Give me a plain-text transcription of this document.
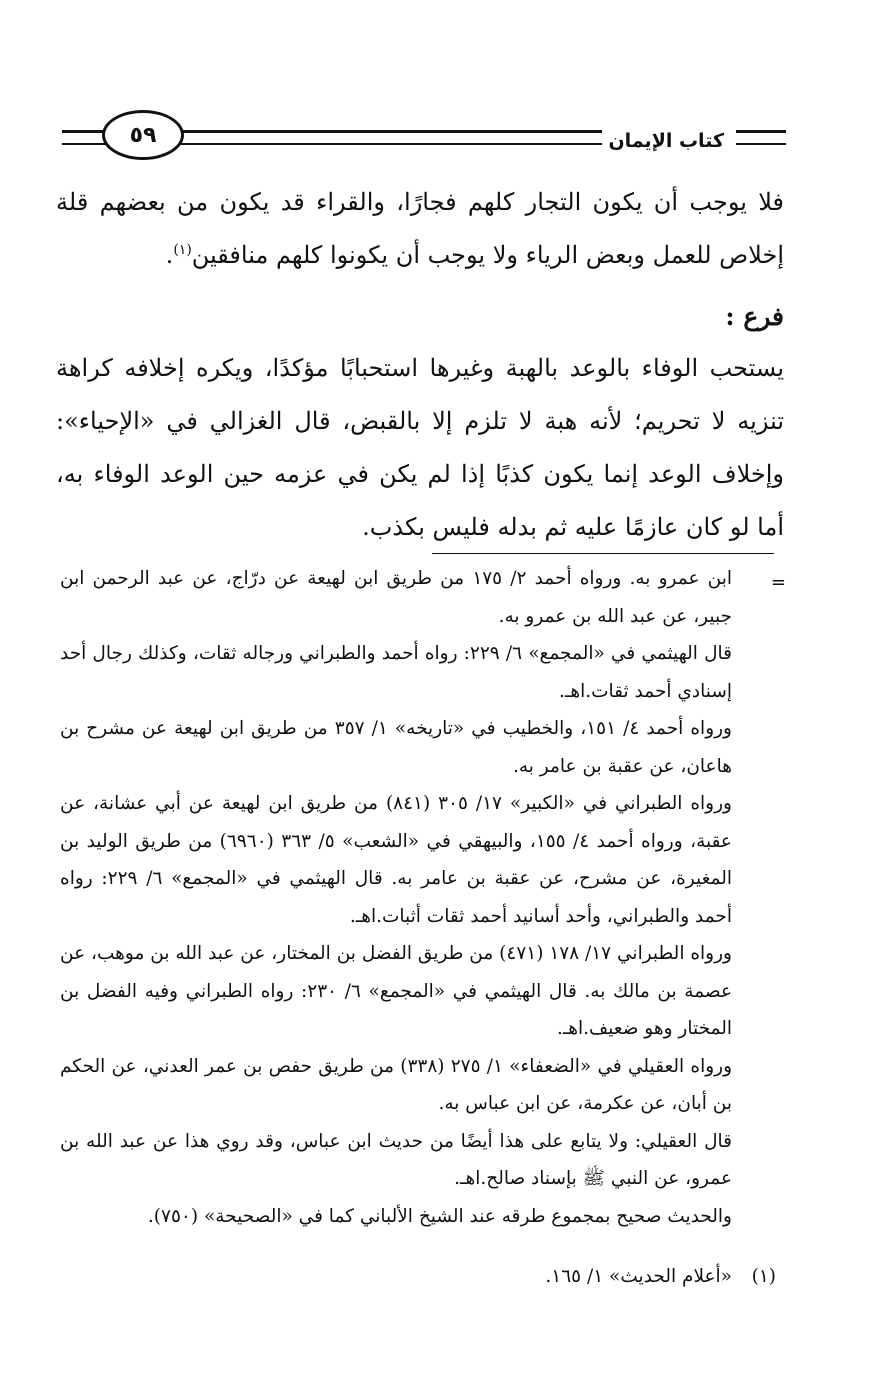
٥٩	كتاب الإيمان

فلا يوجب أن يكون التجار كلهم فجارًا، والقراء قد يكون من بعضهم قلة إخلاص للعمل وبعض الرياء ولا يوجب أن يكونوا كلهم منافقين$^{(١)}$.

فرع :

يستحب الوفاء بالوعد بالهبة وغيرها استحبابًا مؤكدًا، ويكره إخلافه كراهة تنزيه لا تحريم؛ لأنه هبة لا تلزم إلا بالقبض، قال الغزالي في «الإحياء»: وإخلاف الوعد إنما يكون كذبًا إذا لم يكن في عزمه حين الوعد الوفاء به، أما لو كان عازمًا عليه ثم بدله فليس بكذب.

=

ابن عمرو به. ورواه أحمد ٢/ ١٧٥ من طريق ابن لهيعة عن درّاج، عن عبد الرحمن ابن جبير، عن عبد الله بن عمرو به.

قال الهيثمي في «المجمع» ٦/ ٢٢٩: رواه أحمد والطبراني ورجاله ثقات، وكذلك رجال أحد إسنادي أحمد ثقات.اهـ.

ورواه أحمد ٤/ ١٥١، والخطيب في «تاريخه» ١/ ٣٥٧ من طريق ابن لهيعة عن مشرح بن هاعان، عن عقبة بن عامر به.

ورواه الطبراني في «الكبير» ١٧/ ٣٠٥ (٨٤١) من طريق ابن لهيعة عن أبي عشانة، عن عقبة، ورواه أحمد ٤/ ١٥٥، والبيهقي في «الشعب» ٥/ ٣٦٣ (٦٩٦٠) من طريق الوليد بن المغيرة، عن مشرح، عن عقبة بن عامر به. قال الهيثمي في «المجمع» ٦/ ٢٢٩: رواه أحمد والطبراني، وأحد أسانيد أحمد ثقات أثبات.اهـ.

ورواه الطبراني ١٧/ ١٧٨ (٤٧١) من طريق الفضل بن المختار، عن عبد الله بن موهب، عن عصمة بن مالك به. قال الهيثمي في «المجمع» ٦/ ٢٣٠: رواه الطبراني وفيه الفضل بن المختار وهو ضعيف.اهـ.

ورواه العقيلي في «الضعفاء» ١/ ٢٧٥ (٣٣٨) من طريق حفص بن عمر العدني، عن الحكم بن أبان، عن عكرمة، عن ابن عباس به.

قال العقيلي: ولا يتابع على هذا أيضًا من حديث ابن عباس، وقد روي هذا عن عبد الله بن عمرو، عن النبي ﷺ بإسناد صالح.اهـ.

والحديث صحيح بمجموع طرقه عند الشيخ الألباني كما في «الصحيحة» (٧٥٠).

(١)
«أعلام الحديث» ١/ ١٦٥.
